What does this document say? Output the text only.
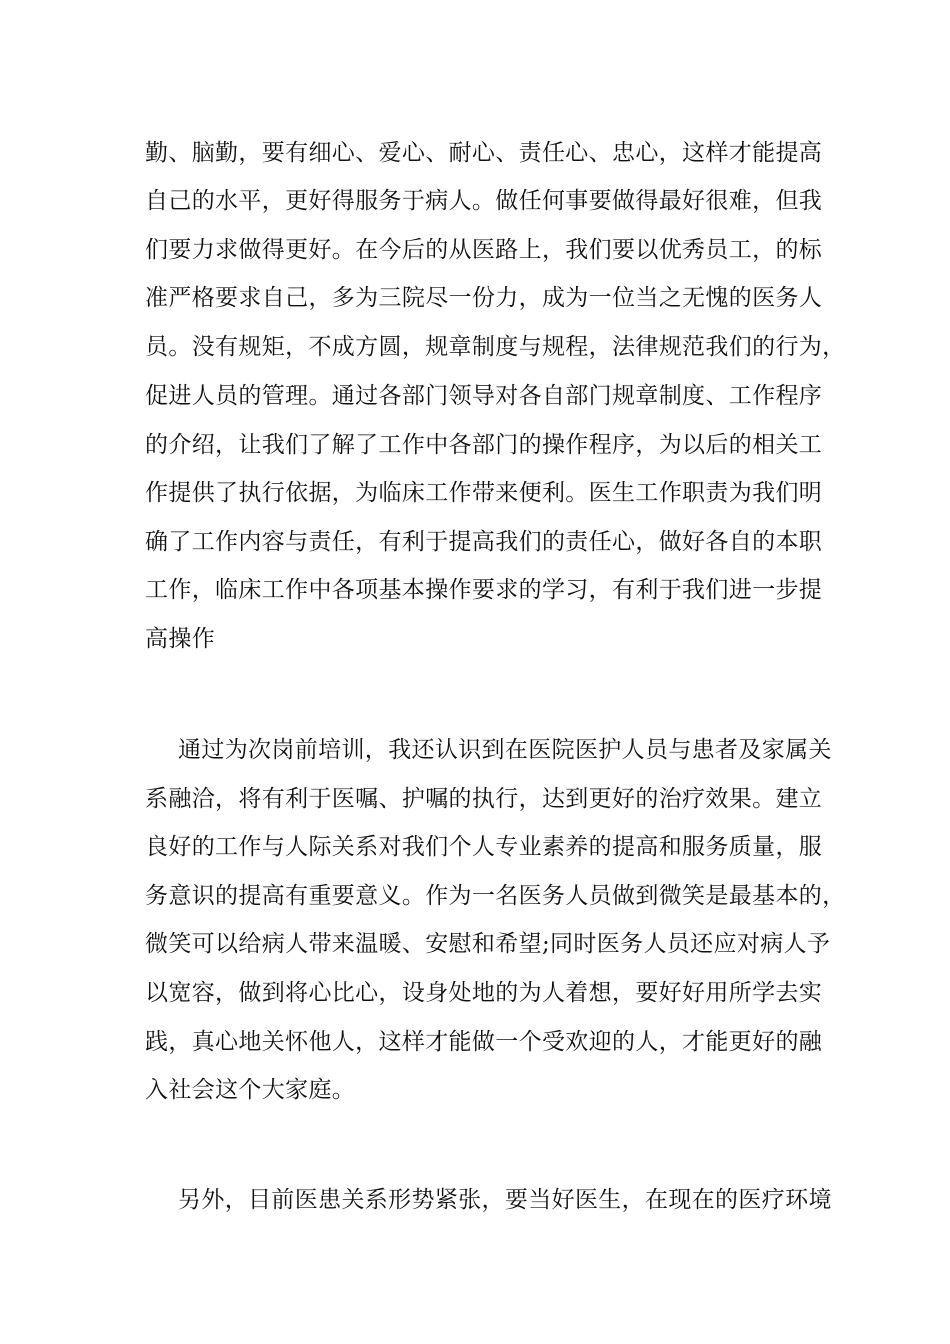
勤、脑勤，要有细心、爱心、耐心、责任心、忠心，这样才能提高

自己的水平，更好得服务于病人。做任何事要做得最好很难，但我

们要力求做得更好。在今后的从医路上，我们要以优秀员工，的标

准严格要求自己，多为三院尽一份力，成为一位当之无愧的医务人

员。没有规矩，不成方圆，规章制度与规程，法律规范我们的行为，

促进人员的管理。通过各部门领导对各自部门规章制度、工作程序

的介绍，让我们了解了工作中各部门的操作程序，为以后的相关工

作提供了执行依据，为临床工作带来便利。医生工作职责为我们明

确了工作内容与责任，有利于提高我们的责任心，做好各自的本职

工作，临床工作中各项基本操作要求的学习，有利于我们进一步提

高操作

通过为次岗前培训，我还认识到在医院医护人员与患者及家属关

系融洽，将有利于医嘱、护嘱的执行，达到更好的治疗效果。建立

良好的工作与人际关系对我们个人专业素养的提高和服务质量，服

务意识的提高有重要意义。作为一名医务人员做到微笑是最基本的，

微笑可以给病人带来温暖、安慰和希望;同时医务人员还应对病人予

以宽容，做到将心比心，设身处地的为人着想，要好好用所学去实

践，真心地关怀他人，这样才能做一个受欢迎的人，才能更好的融

入社会这个大家庭。

另外，目前医患关系形势紧张，要当好医生，在现在的医疗环境
